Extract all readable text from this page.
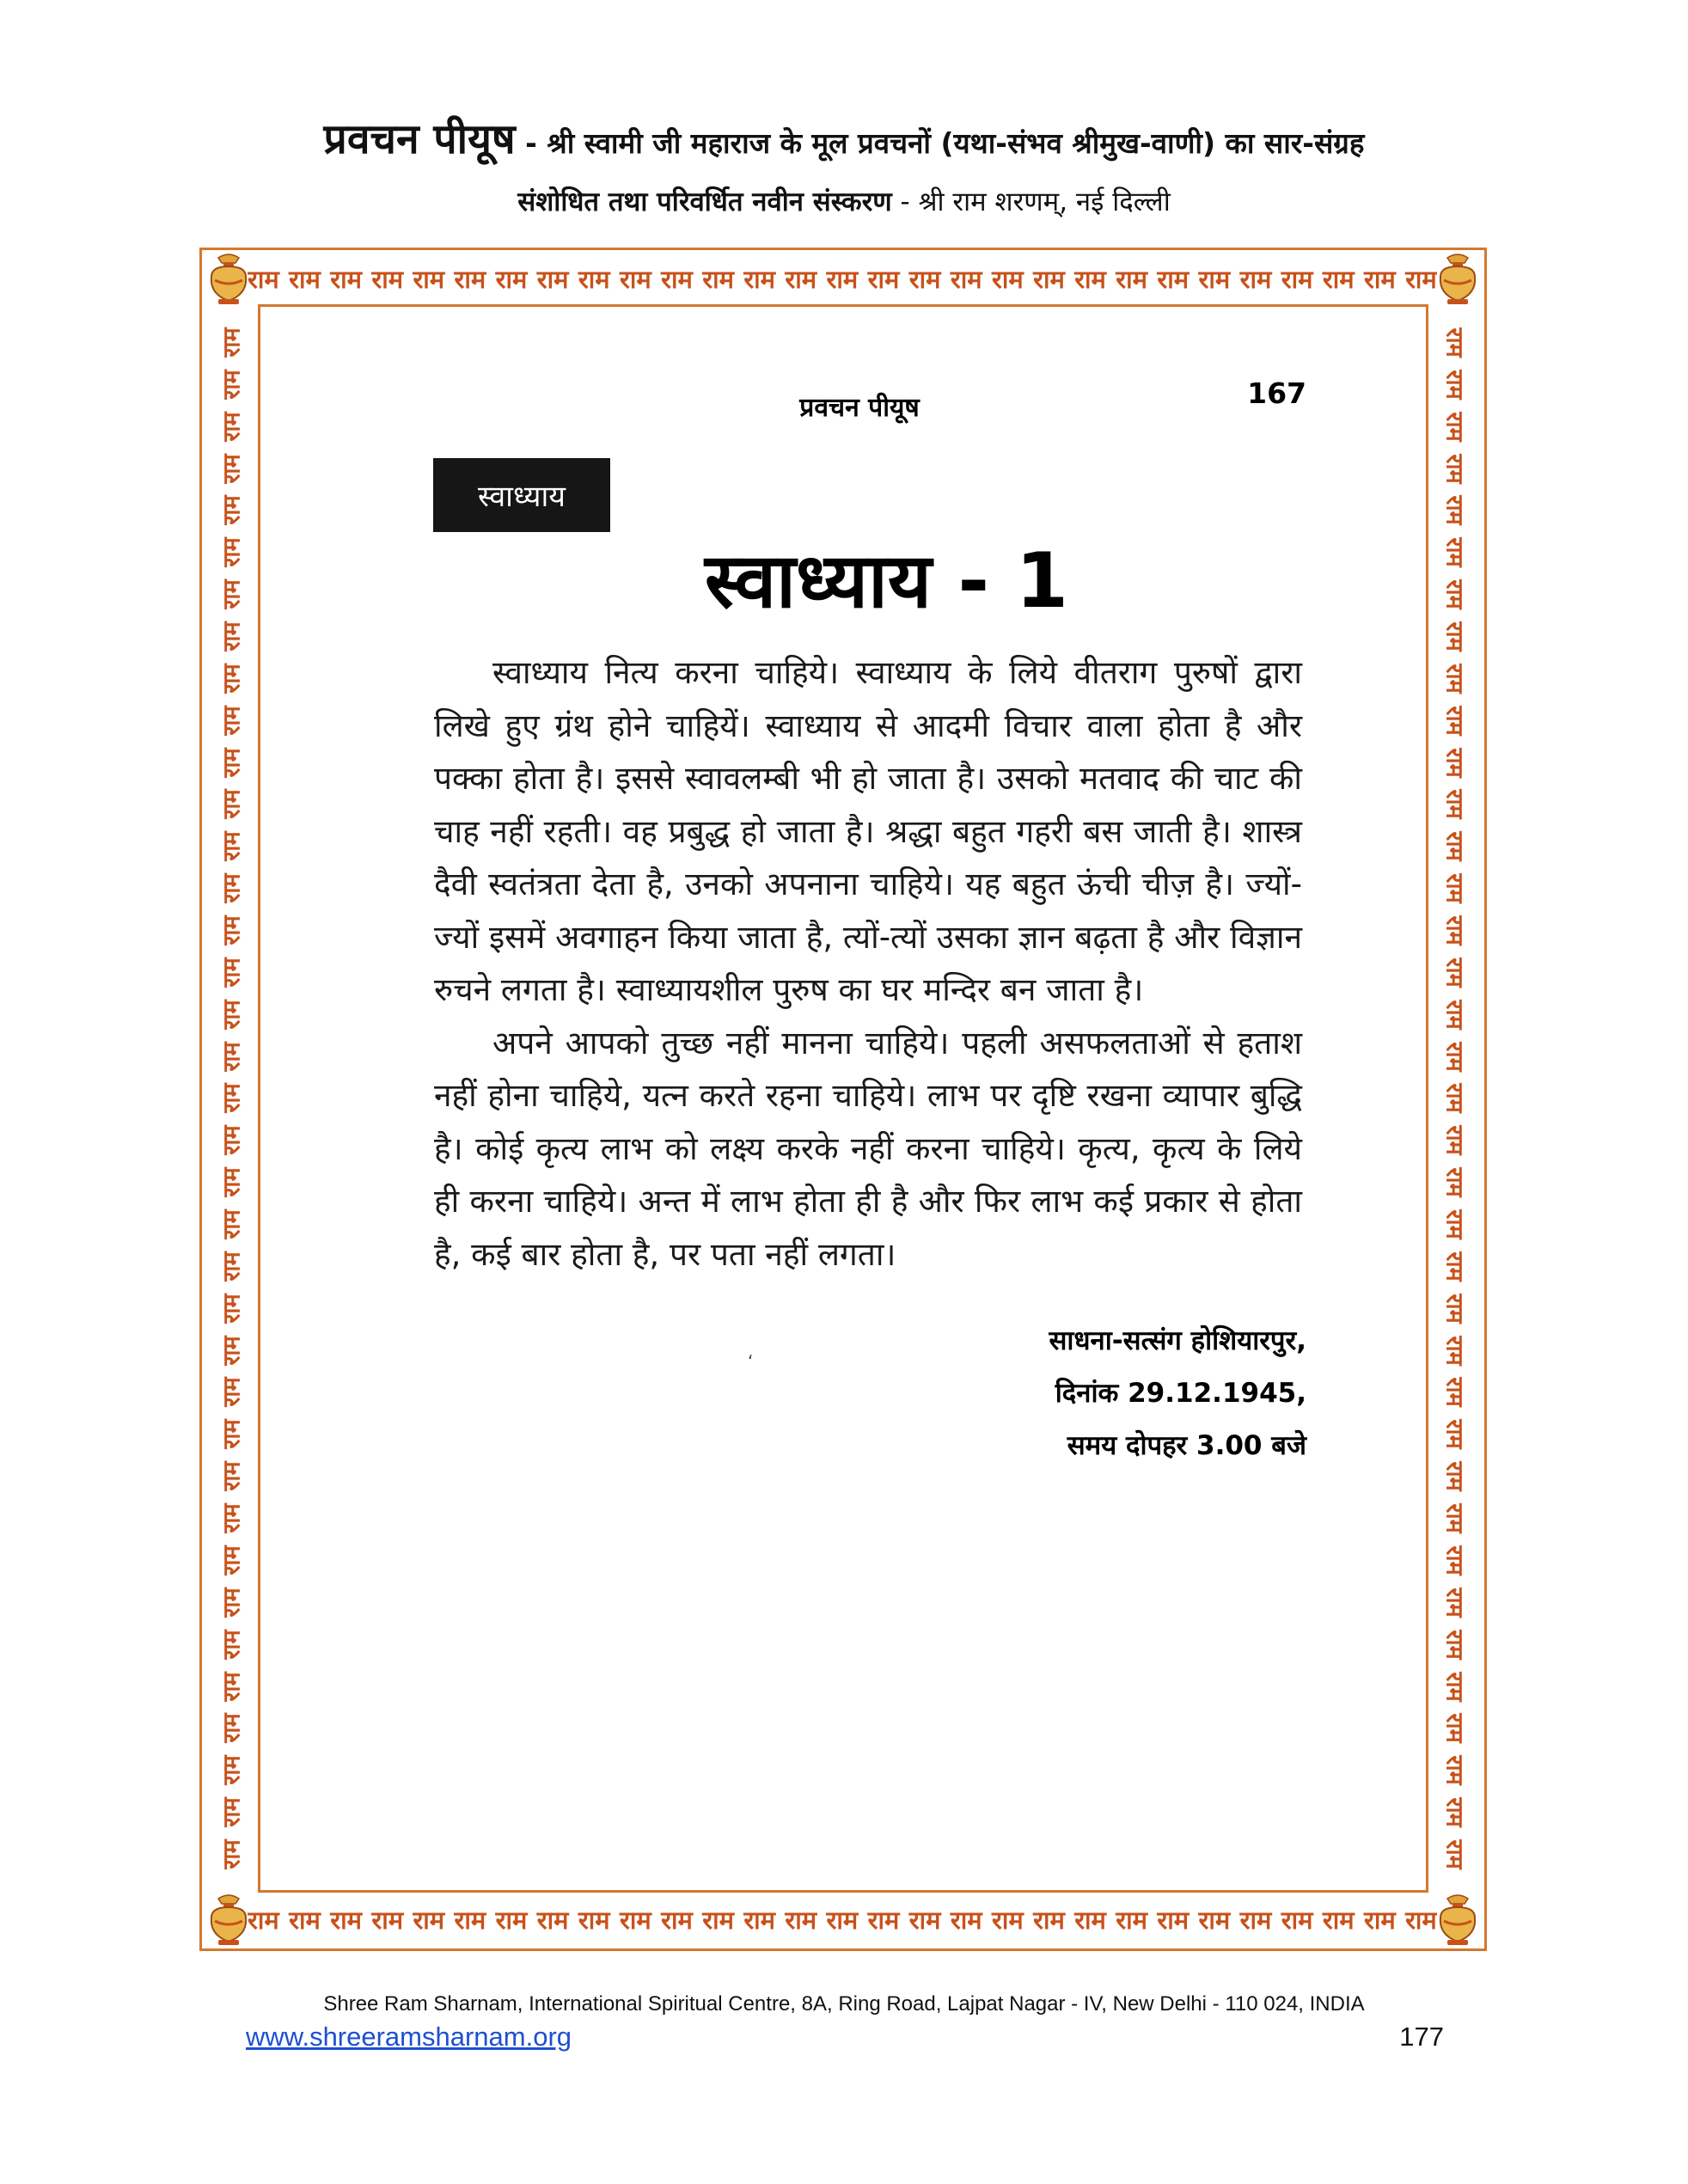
प्रवचन पीयूष - श्री स्वामी जी महाराज के मूल प्रवचनों (यथा-संभव श्रीमुख-वाणी) का सार-संग्रह
संशोधित तथा परिवर्धित नवीन संस्करण - श्री राम शरणम्, नई दिल्ली
राम राम राम राम राम राम राम राम राम राम राम राम राम राम राम राम राम राम राम राम राम राम राम राम राम राम राम राम राम
राम राम राम राम राम राम राम राम राम राम राम राम राम राम राम राम राम राम राम राम राम राम राम राम राम राम राम राम राम
राम
राम
राम
राम
राम
राम
राम
राम
राम
राम
राम
राम
राम
राम
राम
राम
राम
राम
राम
राम
राम
राम
राम
राम
राम
राम
राम
राम
राम
राम
राम
राम
राम
राम
राम
राम
राम
राम
राम
राम
राम
राम
राम
राम
राम
राम
राम
राम
राम
राम
राम
राम
राम
राम
राम
राम
राम
राम
राम
राम
राम
राम
राम
राम
राम
राम
राम
राम
राम
राम
राम
राम
राम
राम
प्रवचन पीयूष	167
स्वाध्याय
स्वाध्याय - 1

स्वाध्याय नित्य करना चाहिये। स्वाध्याय के लिये वीतराग पुरुषों द्वारा लिखे हुए ग्रंथ होने चाहियें। स्वाध्याय से आदमी विचार वाला होता है और पक्का होता है। इससे स्वावलम्बी भी हो जाता है। उसको मतवाद की चाट की चाह नहीं रहती। वह प्रबुद्ध हो जाता है। श्रद्धा बहुत गहरी बस जाती है। शास्त्र दैवी स्वतंत्रता देता है, उनको अपनाना चाहिये। यह बहुत ऊंची चीज़ है। ज्यों-ज्यों इसमें अवगाहन किया जाता है, त्यों-त्यों उसका ज्ञान बढ़ता है और विज्ञान रुचने लगता है। स्वाध्यायशील पुरुष का घर मन्दिर बन जाता है।

अपने आपको तुच्छ नहीं मानना चाहिये। पहली असफलताओं से हताश नहीं होना चाहिये, यत्न करते रहना चाहिये। लाभ पर दृष्टि रखना व्यापार बुद्धि है। कोई कृत्य लाभ को लक्ष्य करके नहीं करना चाहिये। कृत्य, कृत्य के लिये ही करना चाहिये। अन्त में लाभ होता ही है और फिर लाभ कई प्रकार से होता है, कई बार होता है, पर पता नहीं लगता।

ʻ
साधना-सत्संग होशियारपुर,
दिनांक 29.12.1945,
समय दोपहर 3.00 बजे
Shree Ram Sharnam, International Spiritual Centre, 8A, Ring Road, Lajpat Nagar - IV, New Delhi - 110 024, INDIA
www.shreeramsharnam.org	177
